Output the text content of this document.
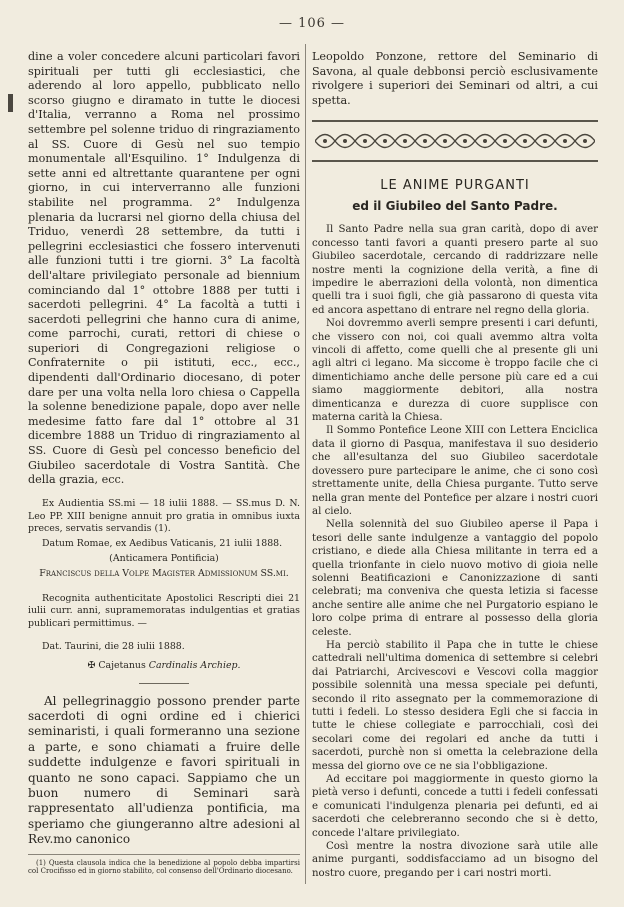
— 106 —

dine a voler concedere alcuni particolari favori spirituali per tutti gli ecclesiastici, che aderendo al loro appello, pubblicato nello scorso giugno e diramato in tutte le diocesi d'Italia, verranno a Roma nel prossimo settembre pel solenne triduo di ringraziamento al SS. Cuore di Gesù nel suo tempio monumentale all'Esquilino. 1° Indulgenza di sette anni ed altrettante quarantene per ogni giorno, in cui interverranno alle funzioni stabilite nel programma. 2° Indulgenza plenaria da lucrarsi nel giorno della chiusa del Triduo, venerdì 28 settembre, da tutti i pellegrini ecclesiastici che fossero intervenuti alle funzioni tutti i tre giorni. 3° La facoltà dell'altare privilegiato personale ad biennium cominciando dal 1° ottobre 1888 per tutti i sacerdoti pellegrini. 4° La facoltà a tutti i sacerdoti pellegrini che hanno cura di anime, come parrochi, curati, rettori di chiese o superiori di Congregazioni religiose o Confraternite o pii istituti, ecc., ecc., dipendenti dall'Ordinario diocesano, di poter dare per una volta nella loro chiesa o Cappella la solenne benedizione papale, dopo aver nelle medesime fatto fare dal 1° ottobre al 31 dicembre 1888 un Triduo di ringraziamento al SS. Cuore di Gesù pel concesso beneficio del Giubileo sacerdotale di Vostra Santità. Che della grazia, ecc.

Ex Audientia SS.mi — 18 iulii 1888. — SS.mus D. N. Leo PP. XIII benigne annuit pro gratia in omnibus iuxta preces, servatis servandis (1).

Datum Romae, ex Aedibus Vaticanis, 21 iulii 1888.

(Anticamera Pontificia)

Franciscus della Volpe Magister Admissionum SS.mi.

Recognita authenticitate Apostolici Rescripti diei 21 iulii curr. anni, supramemoratas indulgentias et gratias publicari permittimus. —

Dat. Taurini, die 28 iulii 1888.

✠ Cajetanus Cardinalis Archiep.

Al pellegrinaggio possono prender parte sacerdoti di ogni ordine ed i chierici seminaristi, i quali formeranno una sezione a parte, e sono chiamati a fruire delle suddette indulgenze e favori spirituali in quanto ne sono capaci. Sappiamo che un buon numero di Seminari sarà rappresentato all'udienza pontificia, ma speriamo che giungeranno altre adesioni al Rev.mo canonico

(1) Questa clausola indica che la benedizione al popolo debba impartirsi col Crocifisso ed in giorno stabilito, col consenso dell'Ordinario diocesano.

Leopoldo Ponzone, rettore del Seminario di Savona, al quale debbonsi perciò esclusivamente rivolgere i superiori dei Seminari od altri, a cui spetta.

LE ANIME PURGANTI
ed il Giubileo del Santo Padre.

Il Santo Padre nella sua gran carità, dopo di aver concesso tanti favori a quanti presero parte al suo Giubileo sacerdotale, cercando di raddrizzare nelle nostre menti la cognizione della verità, a fine di impedire le aberrazioni della volontà, non dimentica quelli tra i suoi figli, che già passarono di questa vita ed ancora aspettano di entrare nel regno della gloria.

Noi dovremmo averli sempre presenti i cari defunti, che vissero con noi, coi quali avemmo altra volta vincoli di affetto, come quelli che al presente gli uni agli altri ci legano. Ma siccome è troppo facile che ci dimentichiamo anche delle persone più care ed a cui siamo maggiormente debitori, alla nostra dimenticanza e durezza di cuore supplisce con materna carità la Chiesa.

Il Sommo Pontefice Leone XIII con Lettera Enciclica data il giorno di Pasqua, manifestava il suo desiderio che all'esultanza del suo Giubileo sacerdotale dovessero pure partecipare le anime, che ci sono così strettamente unite, della Chiesa purgante. Tutto serve nella gran mente del Pontefice per alzare i nostri cuori al cielo.

Nella solennità del suo Giubileo aperse il Papa i tesori delle sante indulgenze a vantaggio del popolo cristiano, e diede alla Chiesa militante in terra ed a quella trionfante in cielo nuovo motivo di gioia nelle solenni Beatificazioni e Canonizzazione di santi celebrati; ma conveniva che questa letizia si facesse anche sentire alle anime che nel Purgatorio espiano le loro colpe prima di entrare al possesso della gloria celeste.

Ha perciò stabilito il Papa che in tutte le chiese cattedrali nell'ultima domenica di settembre si celebri dai Patriarchi, Arcivescovi e Vescovi colla maggior possibile solennità una messa speciale pei defunti, secondo il rito assegnato per la commemorazione di tutti i fedeli. Lo stesso desidera Egli che si faccia in tutte le chiese collegiate e parrocchiali, così dei secolari come dei regolari ed anche da tutti i sacerdoti, purchè non si ometta la celebrazione della messa del giorno ove ce ne sia l'obbligazione.

Ad eccitare poi maggiormente in questo giorno la pietà verso i defunti, concede a tutti i fedeli confessati e comunicati l'indulgenza plenaria pei defunti, ed ai sacerdoti che celebreranno secondo che si è detto, concede l'altare privilegiato.

Così mentre la nostra divozione sarà utile alle anime purganti, soddisfacciamo ad un bisogno del nostro cuore, pregando per i cari nostri morti.
